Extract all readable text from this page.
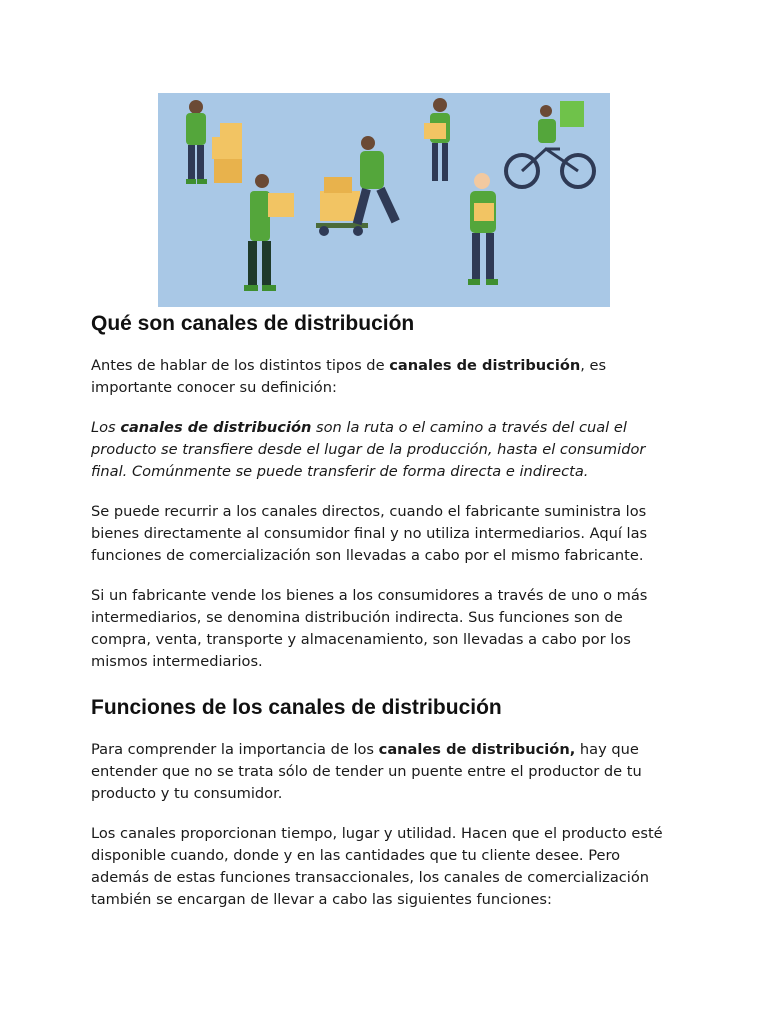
Qué son canales de distribución

Antes de hablar de los distintos tipos de canales de distribución, es importante conocer su definición:

Los canales de distribución son la ruta o el camino a través del cual el producto se transfiere desde el lugar de la producción, hasta el consumidor final. Comúnmente se puede transferir de forma directa e indirecta.

Se puede recurrir a los canales directos, cuando el fabricante suministra los bienes directamente al consumidor final y no utiliza intermediarios. Aquí las funciones de comercialización son llevadas a cabo por el mismo fabricante.

Si un fabricante vende los bienes a los consumidores a través de uno o más intermediarios, se denomina distribución indirecta. Sus funciones son de compra, venta, transporte y almacenamiento, son llevadas a cabo por los mismos intermediarios.

Funciones de los canales de distribución

Para comprender la importancia de los canales de distribución, hay que entender que no se trata sólo de tender un puente entre el productor de tu producto y tu consumidor.

Los canales proporcionan tiempo, lugar y utilidad. Hacen que el producto esté disponible cuando, donde y en las cantidades que tu cliente desee. Pero además de estas funciones transaccionales, los canales de comercialización también se encargan de llevar a cabo las siguientes funciones:
